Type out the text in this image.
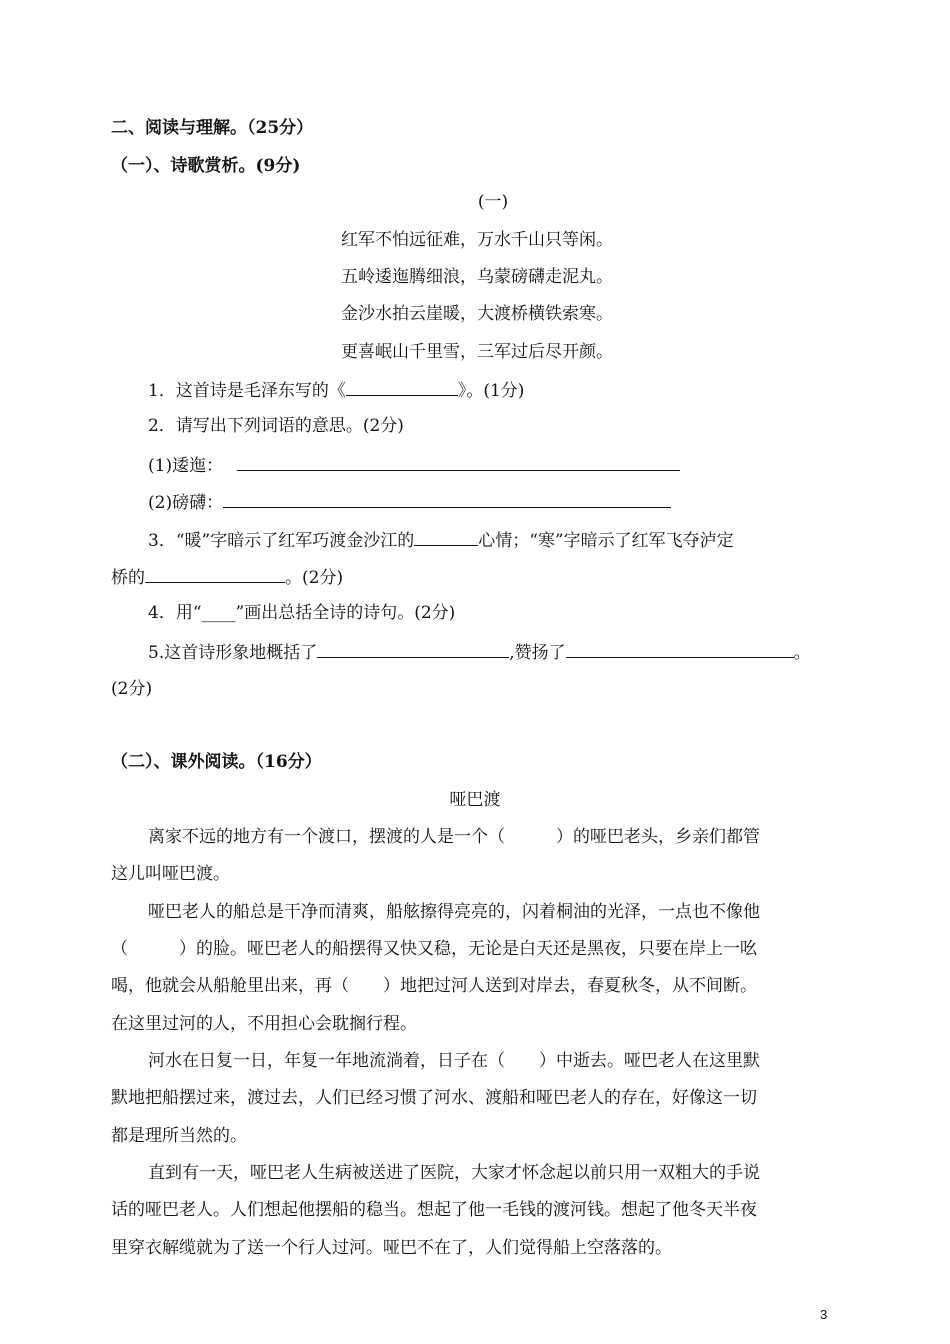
二、阅读与理解。（25分）
（一）、诗歌赏析。(9分)
(一)
红军不怕远征难，万水千山只等闲。
五岭逶迤腾细浪，乌蒙磅礴走泥丸。
金沙水拍云崖暖，大渡桥横铁索寒。
更喜岷山千里雪，三军过后尽开颜。
1．这首诗是毛泽东写的《	》。(1分)
2．请写出下列词语的意思。(2分)
(1)逶迤：
(2)磅礴：
3．“暖”字暗示了红军巧渡金沙江的	心情；“寒”字暗示了红军飞夺泸定
桥的	。(2分)
4．用“____”画出总括全诗的诗句。(2分)
5.这首诗形象地概括了	,赞扬了	。
(2分)
（二）、课外阅读。（16分）
哑巴渡
离家不远的地方有一个渡口，摆渡的人是一个（　　　）的哑巴老头，乡亲们都管
这儿叫哑巴渡。
哑巴老人的船总是干净而清爽，船舷擦得亮亮的，闪着桐油的光泽，一点也不像他
（　　　）的脸。哑巴老人的船摆得又快又稳，无论是白天还是黑夜，只要在岸上一吆
喝，他就会从船舱里出来，再（　　）地把过河人送到对岸去，春夏秋冬，从不间断。
在这里过河的人，不用担心会耽搁行程。
河水在日复一日，年复一年地流淌着，日子在（　　）中逝去。哑巴老人在这里默
默地把船摆过来，渡过去，人们已经习惯了河水、渡船和哑巴老人的存在，好像这一切
都是理所当然的。
直到有一天，哑巴老人生病被送进了医院，大家才怀念起以前只用一双粗大的手说
话的哑巴老人。人们想起他摆船的稳当。想起了他一毛钱的渡河钱。想起了他冬天半夜
里穿衣解缆就为了送一个行人过河。哑巴不在了，人们觉得船上空落落的。
3
